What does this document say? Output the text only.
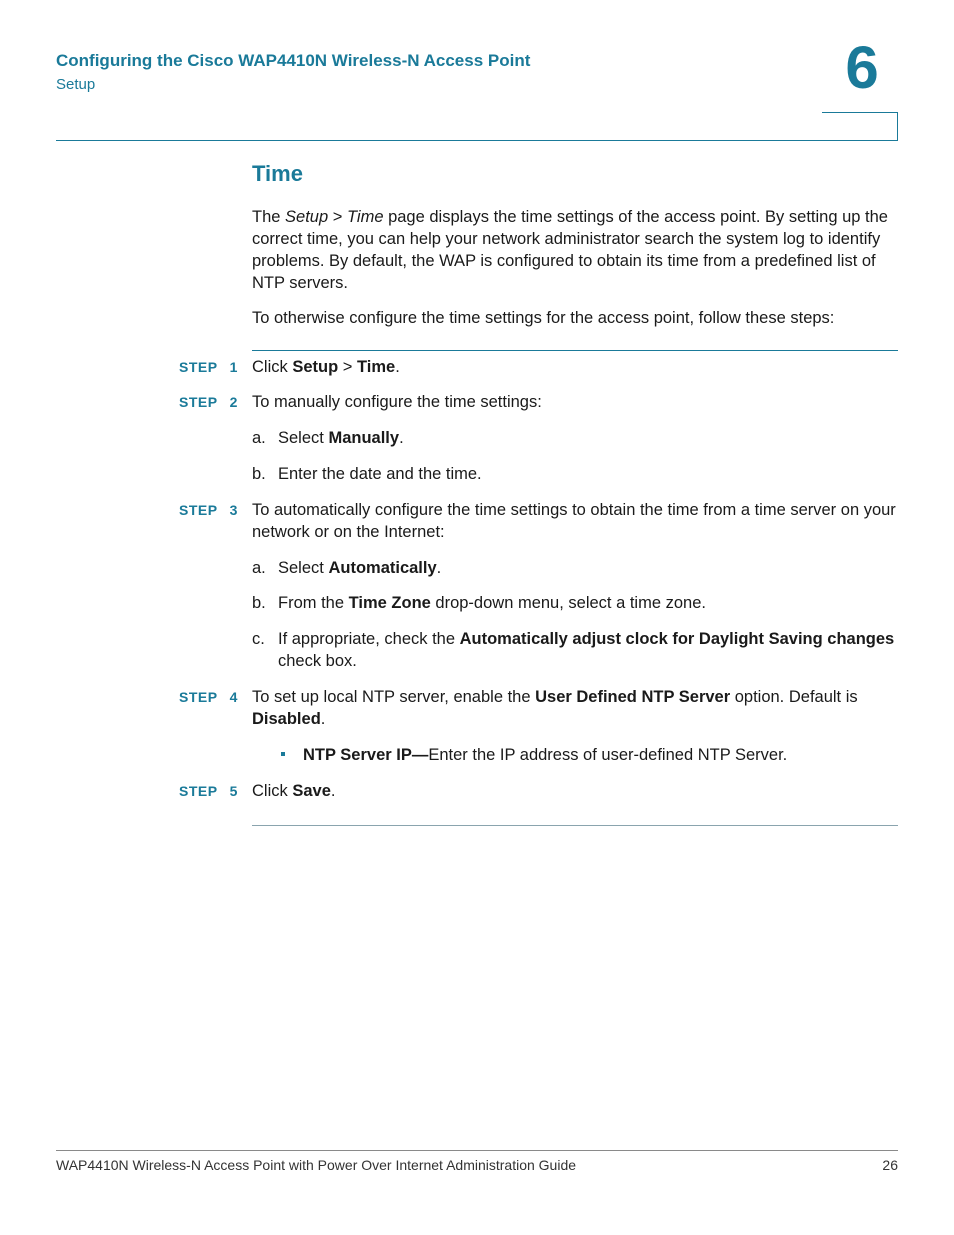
Configuring the Cisco WAP4410N Wireless-N Access Point
Setup	6
Time
The Setup > Time page displays the time settings of the access point. By setting up the correct time, you can help your network administrator search the system log to identify problems. By default, the WAP is configured to obtain its time from a predefined list of NTP servers.
To otherwise configure the time settings for the access point, follow these steps:
STEP 1 Click Setup > Time.
STEP 2 To manually configure the time settings:
a. Select Manually.
b. Enter the date and the time.
STEP 3 To automatically configure the time settings to obtain the time from a time server on your network or on the Internet:
a. Select Automatically.
b. From the Time Zone drop-down menu, select a time zone.
c. If appropriate, check the Automatically adjust clock for Daylight Saving changes check box.
STEP 4 To set up local NTP server, enable the User Defined NTP Server option. Default is Disabled.
NTP Server IP—Enter the IP address of user-defined NTP Server.
STEP 5 Click Save.
WAP4410N Wireless-N Access Point with Power Over Internet Administration Guide	26
